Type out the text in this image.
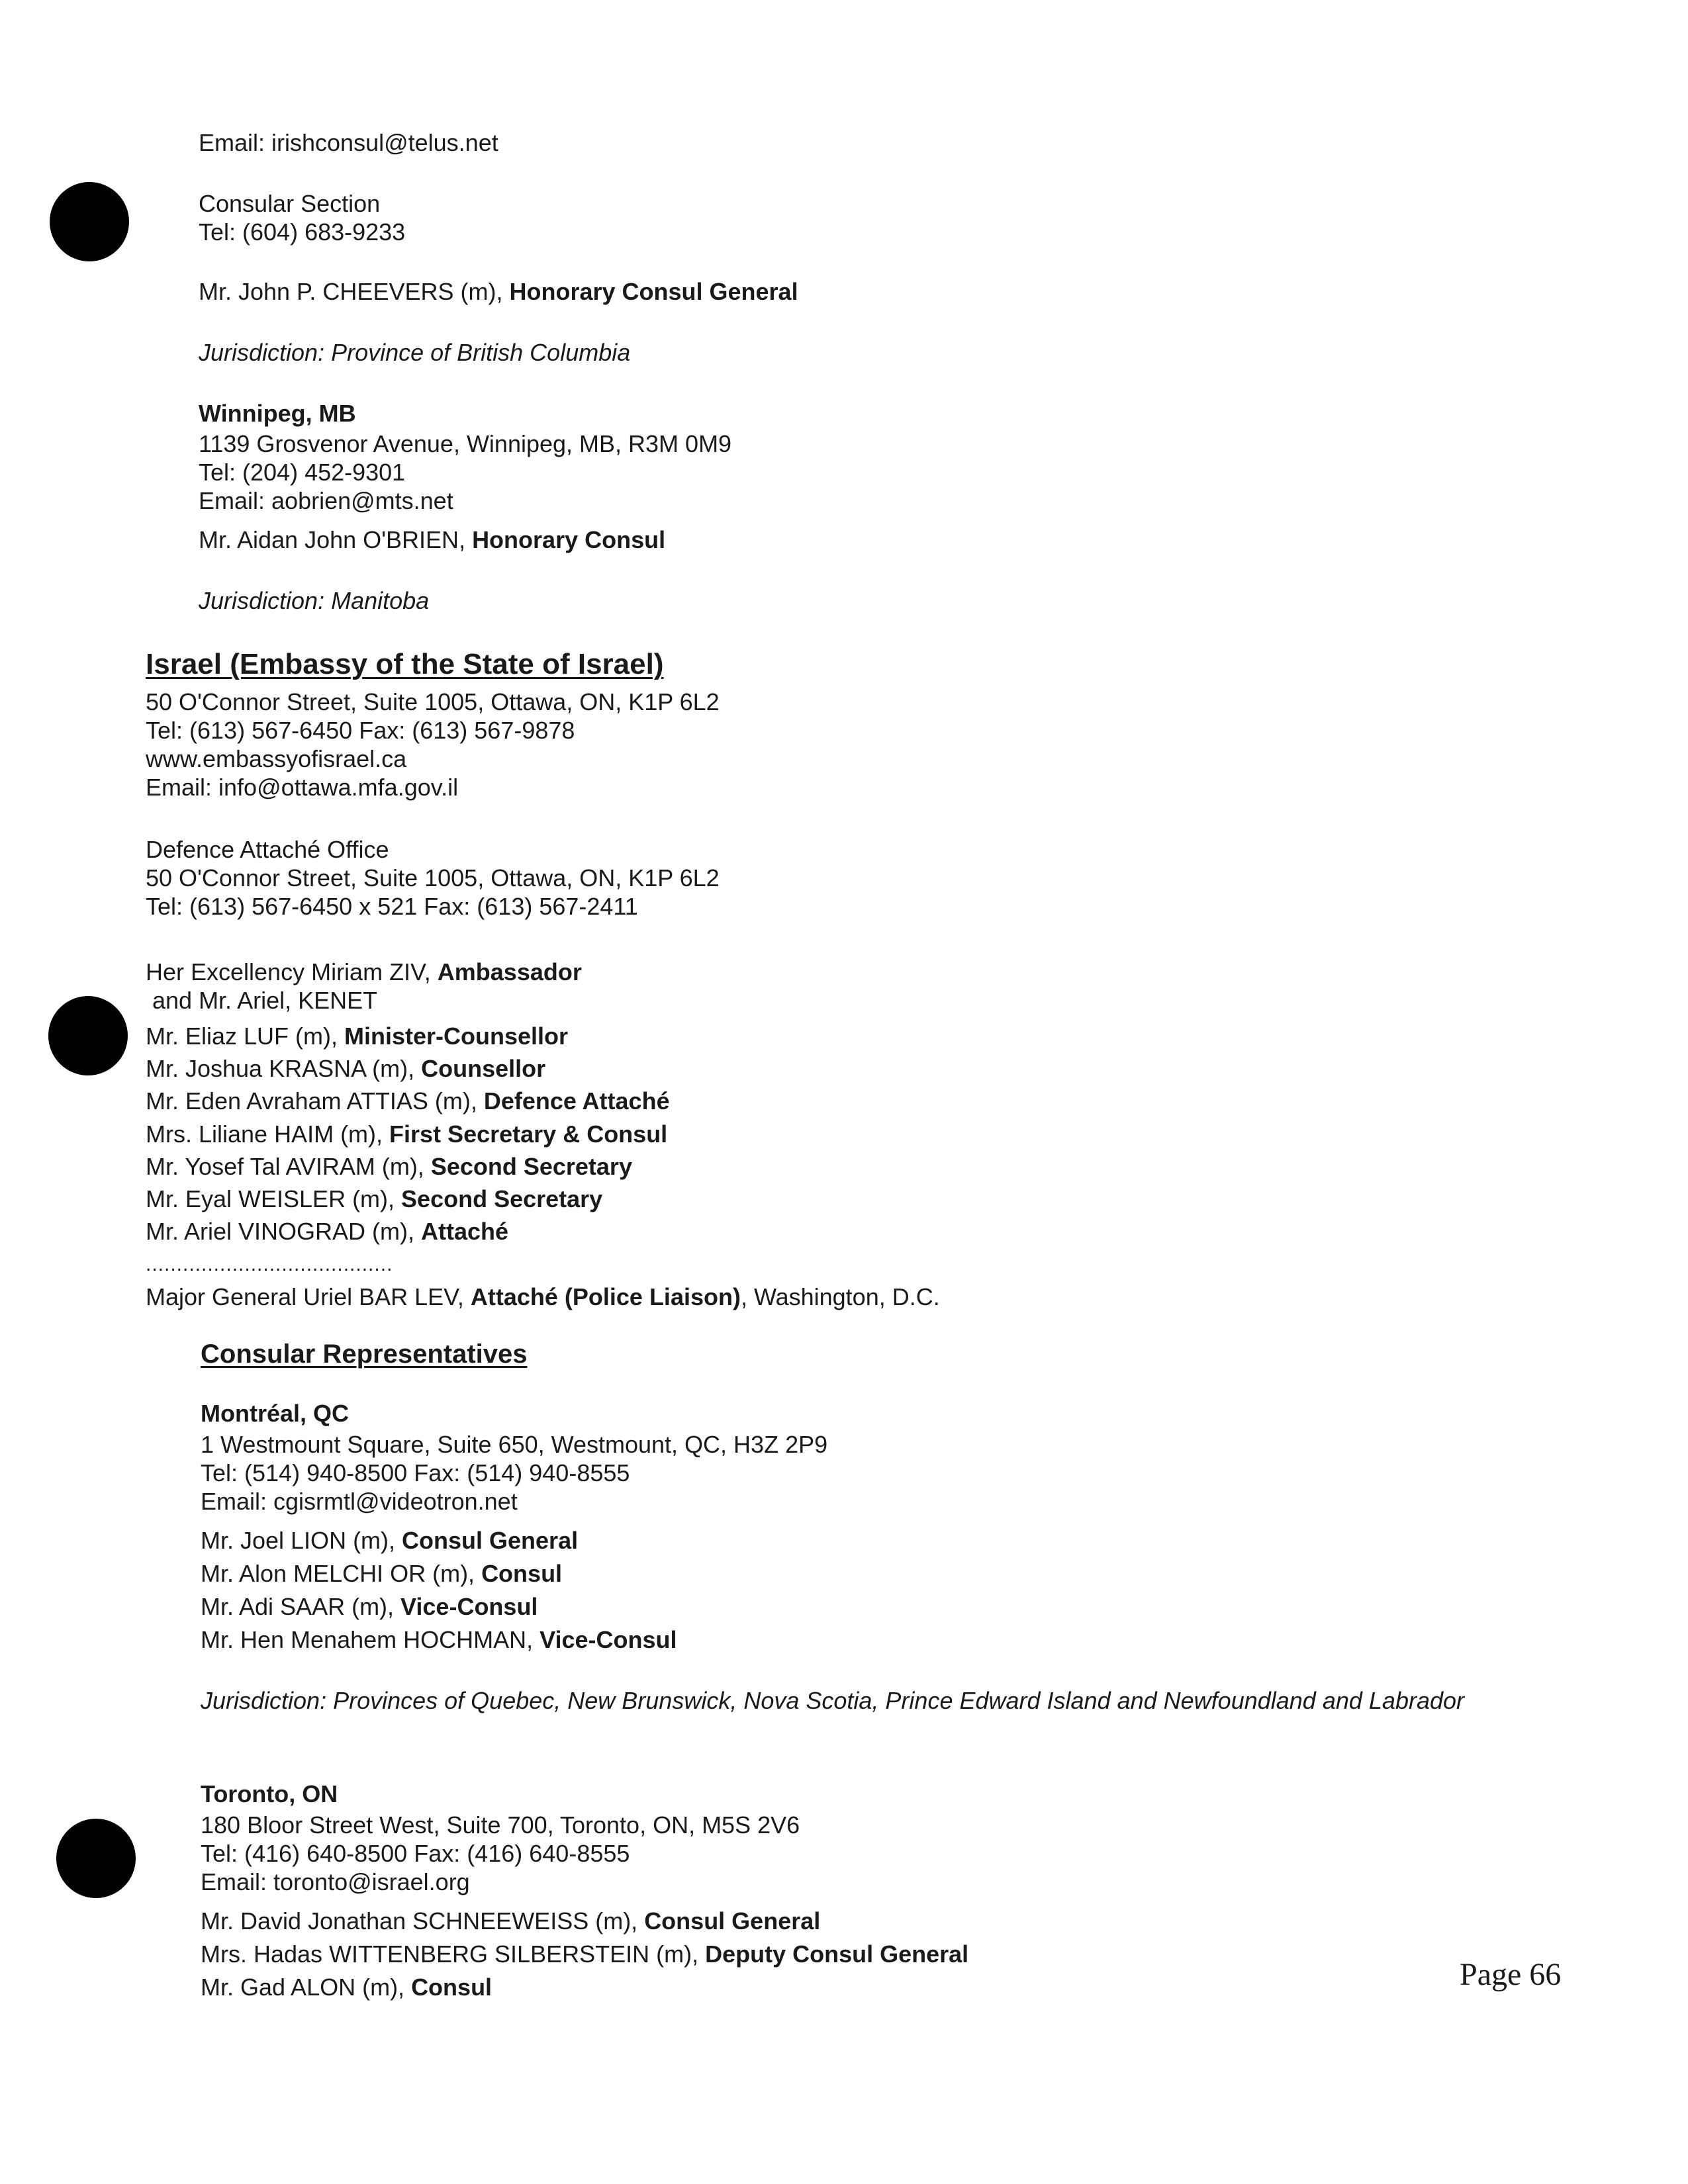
Email: irishconsul@telus.net
Consular Section
Tel: (604) 683-9233
Mr. John P. CHEEVERS (m), Honorary Consul General
Jurisdiction: Province of British Columbia
Winnipeg, MB
1139 Grosvenor Avenue, Winnipeg, MB, R3M 0M9
Tel: (204) 452-9301
Email: aobrien@mts.net
Mr. Aidan John O'BRIEN, Honorary Consul
Jurisdiction: Manitoba
Israel (Embassy of the State of Israel)
50 O'Connor Street, Suite 1005, Ottawa, ON, K1P 6L2
Tel: (613) 567-6450 Fax: (613) 567-9878
www.embassyofisrael.ca
Email: info@ottawa.mfa.gov.il
Defence Attaché Office
50 O'Connor Street, Suite 1005, Ottawa, ON, K1P 6L2
Tel: (613) 567-6450 x 521 Fax: (613) 567-2411
Her Excellency Miriam ZIV, Ambassador
and Mr. Ariel, KENET
Mr. Eliaz LUF (m), Minister-Counsellor
Mr. Joshua KRASNA (m), Counsellor
Mr. Eden Avraham ATTIAS (m), Defence Attaché
Mrs. Liliane HAIM (m), First Secretary & Consul
Mr. Yosef Tal AVIRAM (m), Second Secretary
Mr. Eyal WEISLER (m), Second Secretary
Mr. Ariel VINOGRAD (m), Attaché
........................................
Major General Uriel BAR LEV, Attaché (Police Liaison), Washington, D.C.
Consular Representatives
Montréal, QC
1 Westmount Square, Suite 650, Westmount, QC, H3Z 2P9
Tel: (514) 940-8500 Fax: (514) 940-8555
Email: cgisrmtl@videotron.net
Mr. Joel LION (m), Consul General
Mr. Alon MELCHI OR (m), Consul
Mr. Adi SAAR (m), Vice-Consul
Mr. Hen Menahem HOCHMAN, Vice-Consul
Jurisdiction: Provinces of Quebec, New Brunswick, Nova Scotia, Prince Edward Island and Newfoundland and Labrador
Toronto, ON
180 Bloor Street West, Suite 700, Toronto, ON, M5S 2V6
Tel: (416) 640-8500 Fax: (416) 640-8555
Email: toronto@israel.org
Mr. David Jonathan SCHNEEWEISS (m), Consul General
Mrs. Hadas WITTENBERG SILBERSTEIN (m), Deputy Consul General
Mr. Gad ALON (m), Consul	Page 66
